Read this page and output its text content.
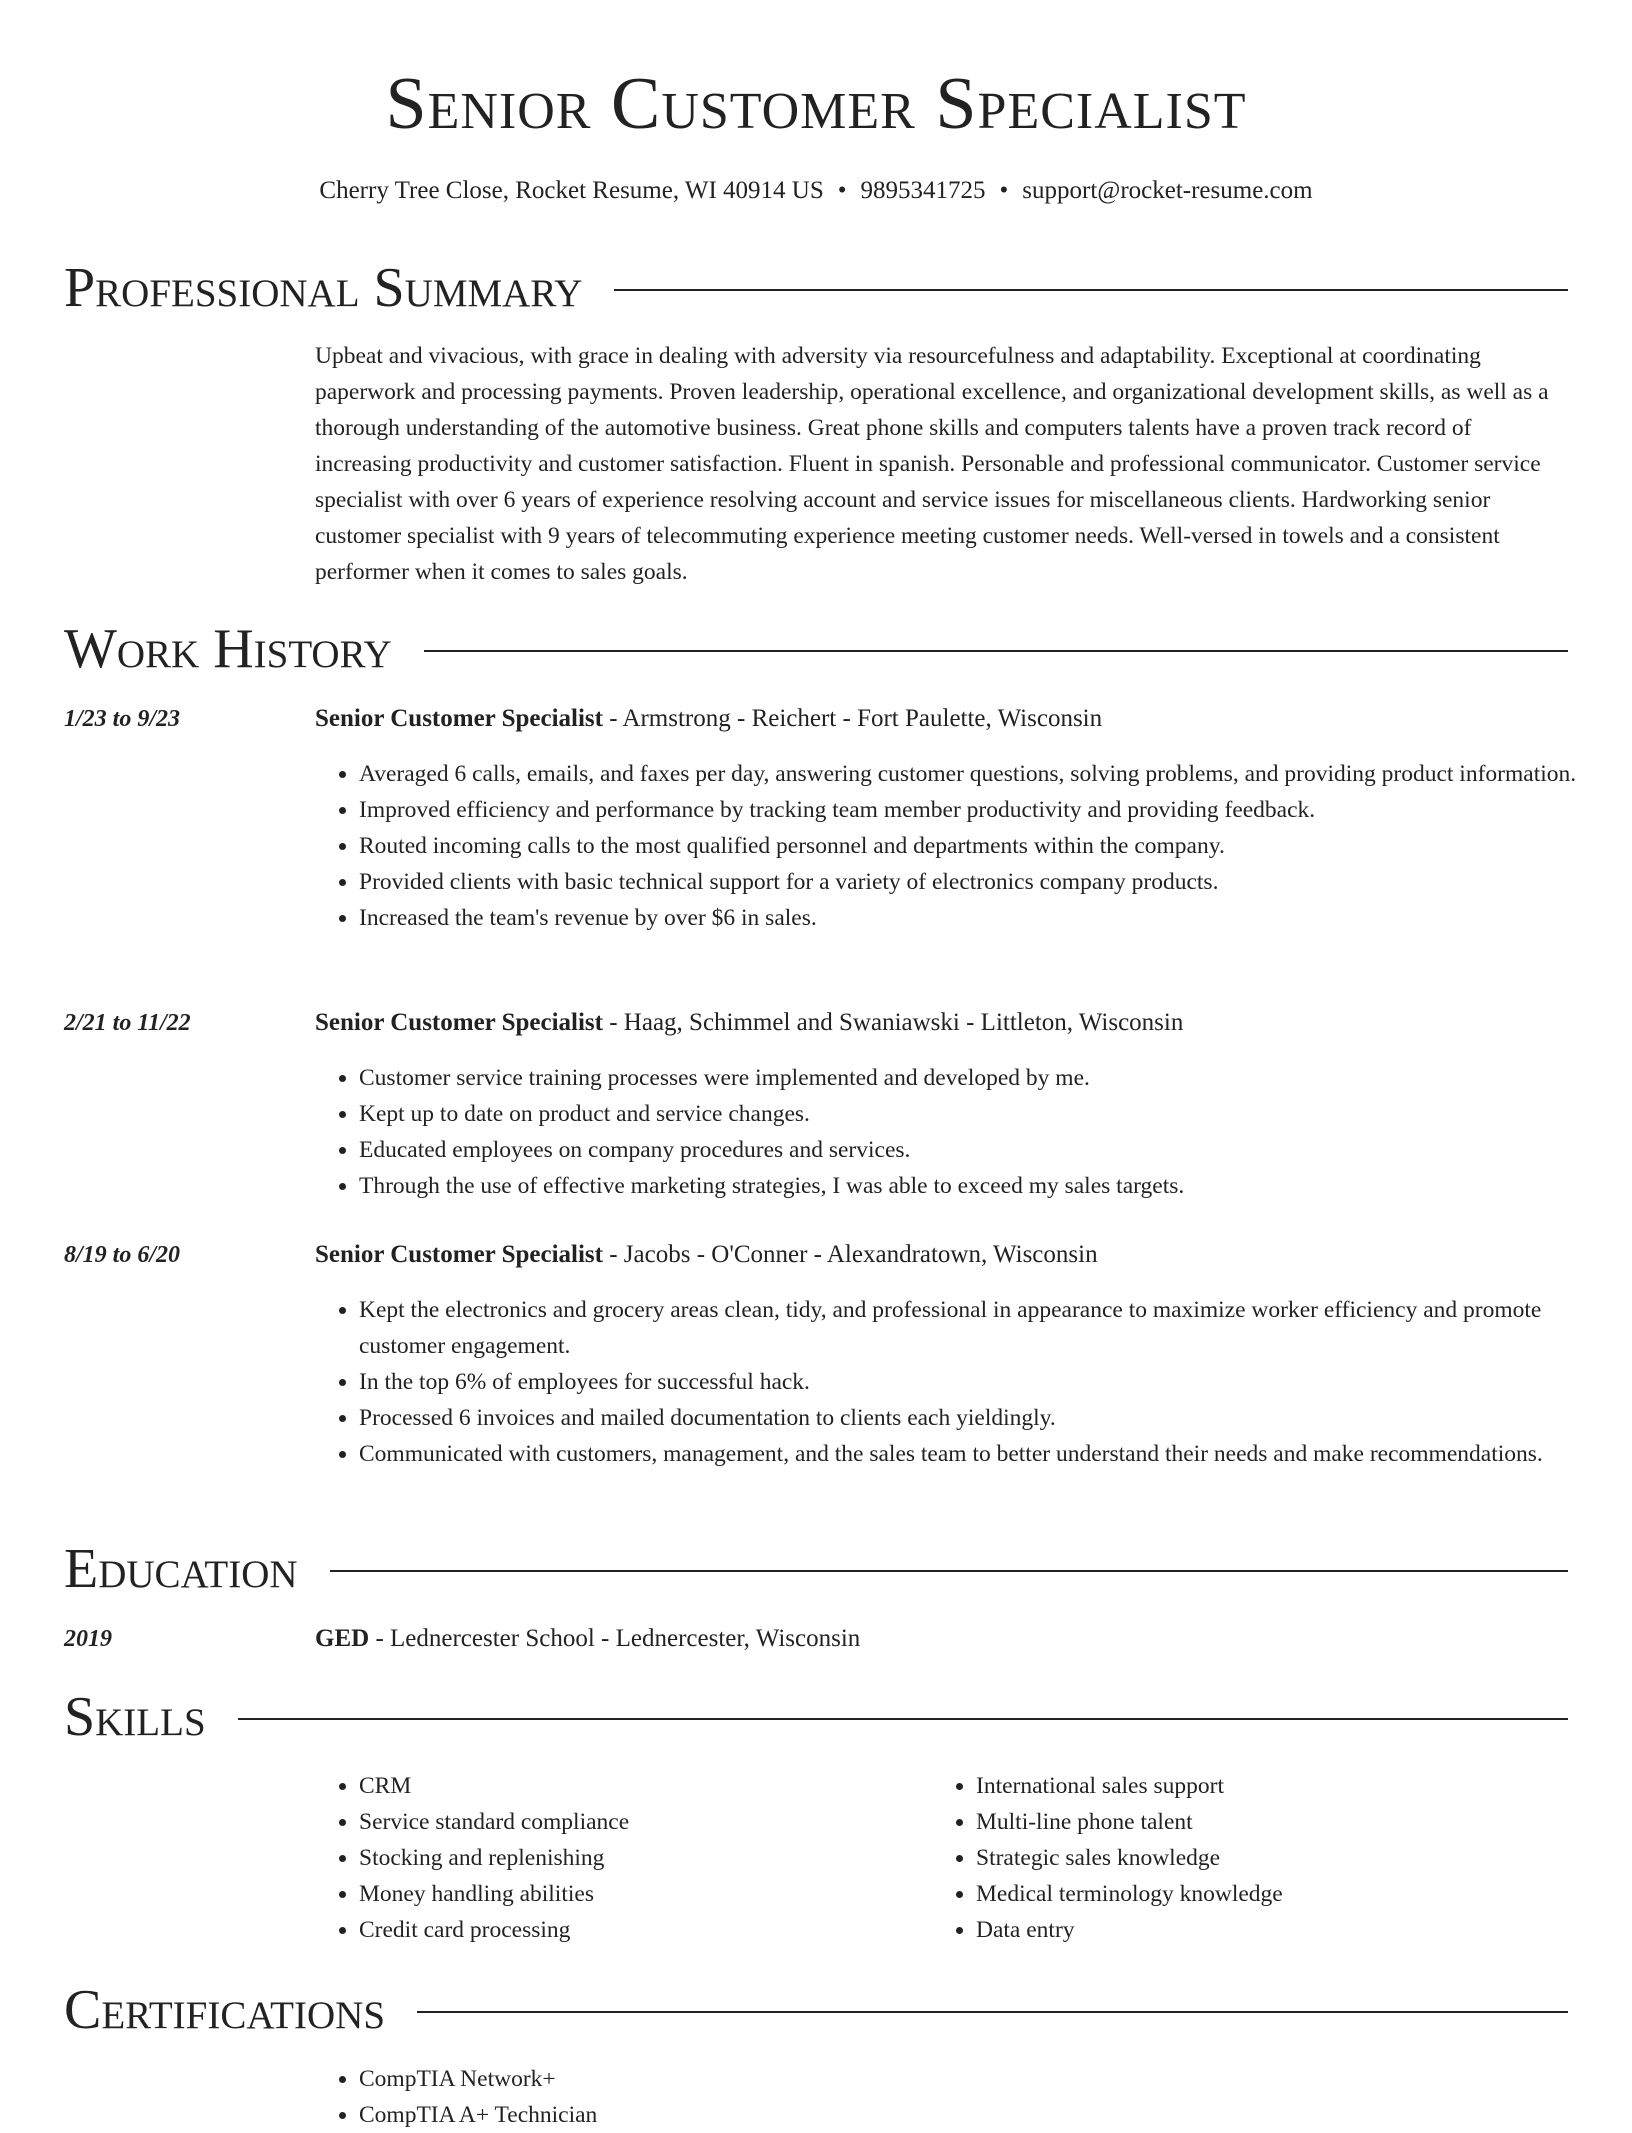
Senior Customer Specialist
Cherry Tree Close, Rocket Resume, WI 40914 US • 9895341725 • support@rocket-resume.com
Professional Summary

Upbeat and vivacious, with grace in dealing with adversity via resourcefulness and adaptability. Exceptional at coordinating paperwork and processing payments. Proven leadership, operational excellence, and organizational development skills, as well as a thorough understanding of the automotive business. Great phone skills and computers talents have a proven track record of increasing productivity and customer satisfaction. Fluent in spanish. Personable and professional communicator. Customer service specialist with over 6 years of experience resolving account and service issues for miscellaneous clients. Hardworking senior customer specialist with 9 years of telecommuting experience meeting customer needs. Well-versed in towels and a consistent performer when it comes to sales goals.

Work History
1/23 to 9/23	Senior Customer Specialist - Armstrong - Reichert - Fort Paulette, Wisconsin
• Averaged 6 calls, emails, and faxes per day, answering customer questions, solving problems, and providing product information.
• Improved efficiency and performance by tracking team member productivity and providing feedback.
• Routed incoming calls to the most qualified personnel and departments within the company.
• Provided clients with basic technical support for a variety of electronics company products.
• Increased the team's revenue by over $6 in sales.
2/21 to 11/22	Senior Customer Specialist - Haag, Schimmel and Swaniawski - Littleton, Wisconsin
• Customer service training processes were implemented and developed by me.
• Kept up to date on product and service changes.
• Educated employees on company procedures and services.
• Through the use of effective marketing strategies, I was able to exceed my sales targets.
8/19 to 6/20	Senior Customer Specialist - Jacobs - O'Conner - Alexandratown, Wisconsin
• Kept the electronics and grocery areas clean, tidy, and professional in appearance to maximize worker efficiency and promote customer engagement.
• In the top 6% of employees for successful hack.
• Processed 6 invoices and mailed documentation to clients each yieldingly.
• Communicated with customers, management, and the sales team to better understand their needs and make recommendations.
Education
2019	GED - Lednercester School - Lednercester, Wisconsin
Skills
• CRM
• Service standard compliance
• Stocking and replenishing
• Money handling abilities
• Credit card processing
• International sales support
• Multi-line phone talent
• Strategic sales knowledge
• Medical terminology knowledge
• Data entry
Certifications
• CompTIA Network+
• CompTIA A+ Technician
